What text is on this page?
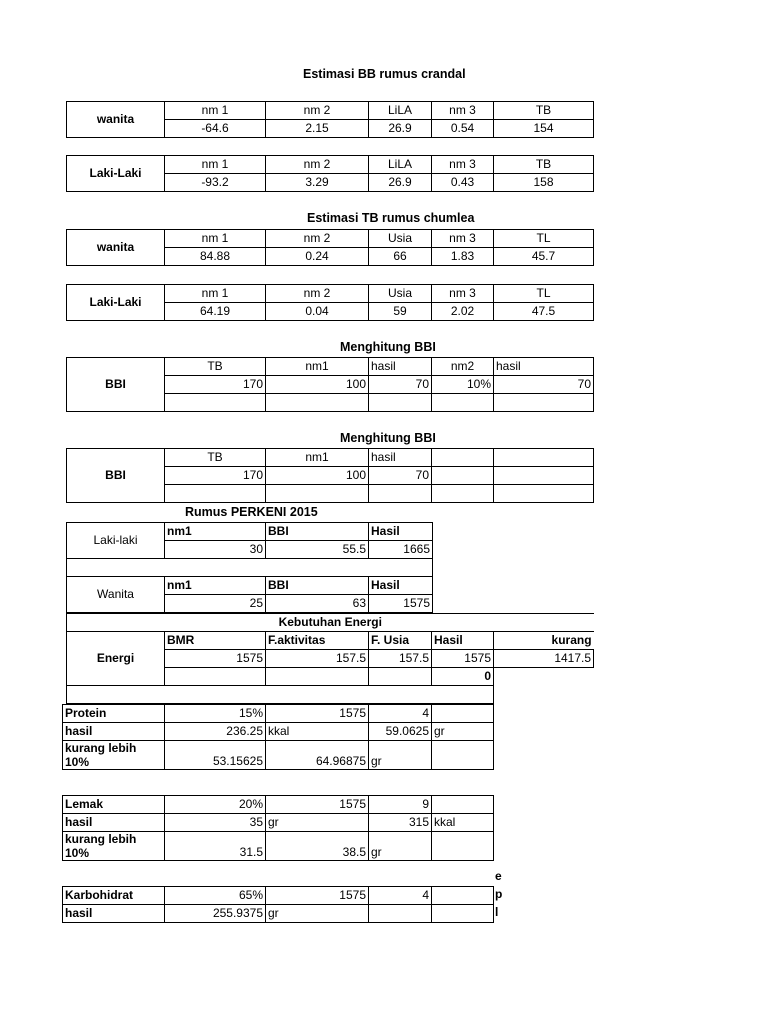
Estimasi BB rumus crandal
wanita	nm 1	nm 2	LiLA	nm 3	TB
	-64.6	2.15	26.9	0.54	154
Laki-Laki	nm 1	nm 2	LiLA	nm 3	TB
	-93.2	3.29	26.9	0.43	158
Estimasi TB rumus chumlea
wanita	nm 1	nm 2	Usia	nm 3	TL
	84.88	0.24	66	1.83	45.7
Laki-Laki	nm 1	nm 2	Usia	nm 3	TL
	64.19	0.04	59	2.02	47.5
Menghitung BBI
BBI	TB	nm1	hasil	nm2	hasil
	170	100	70	10%	70

Menghitung BBI
BBI	TB	nm1	hasil		
	170	100	70		

Rumus PERKENI 2015
Laki-laki	nm1	BBI	Hasil
	30	55.5	1665

Wanita	nm1	BBI	Hasil
	25	63	1575
Kebutuhan Energi					
Energi	BMR	F.aktivitas	F. Usia	Hasil	kurang
	1575	157.5	157.5	1575	1417.5
				0	

Protein	15%	1575	4	
hasil	236.25	kkal	59.0625	gr
kurang lebih 10%	53.15625	64.96875	gr	
Lemak	20%	1575	9	
hasil	35	gr	315	kkal
kurang lebih 10%	31.5	38.5	gr	
Karbohidrat	65%	1575	4	
hasil	255.9375	gr		
e
p
l
